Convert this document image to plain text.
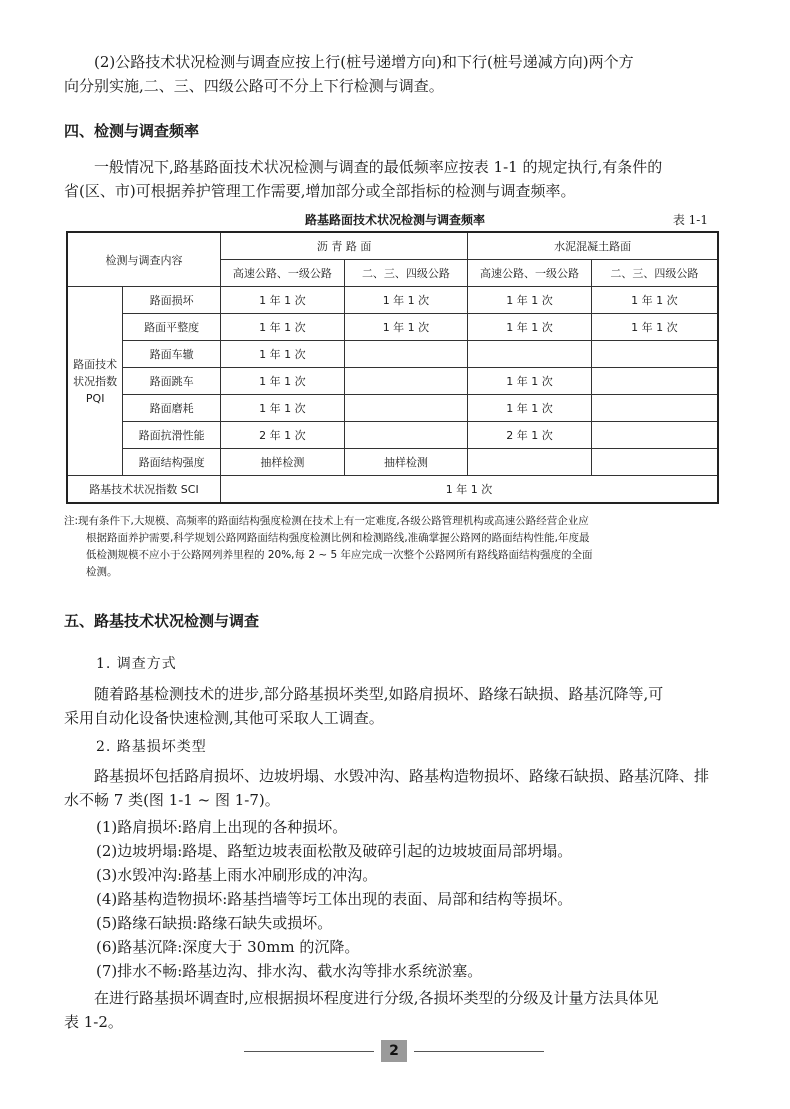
(2)公路技术状况检测与调查应按上行(桩号递增方向)和下行(桩号递减方向)两个方
向分别实施,二、三、四级公路可不分上下行检测与调查。
四、检测与调查频率
一般情况下,路基路面技术状况检测与调查的最低频率应按表 1-1 的规定执行,有条件的
省(区、市)可根据养护管理工作需要,增加部分或全部指标的检测与调查频率。
路基路面技术状况检测与调查频率	表 1-1
检测与调查内容		沥 青 路 面		水泥混凝土路面	
		高速公路、一级公路	二、三、四级公路	高速公路、一级公路	二、三、四级公路
路面技术
状况指数
PQI	路面损坏	1 年 1 次	1 年 1 次	1 年 1 次	1 年 1 次
	路面平整度	1 年 1 次	1 年 1 次	1 年 1 次	1 年 1 次
	路面车辙	1 年 1 次			
	路面跳车	1 年 1 次		1 年 1 次	
	路面磨耗	1 年 1 次		1 年 1 次	
	路面抗滑性能	2 年 1 次		2 年 1 次	
	路面结构强度	抽样检测	抽样检测		
路基技术状况指数 SCI		1 年 1 次			
注:现有条件下,大规模、高频率的路面结构强度检测在技术上有一定难度,各级公路管理机构或高速公路经营企业应
根据路面养护需要,科学规划公路网路面结构强度检测比例和检测路线,准确掌握公路网的路面结构性能,年度最
低检测规模不应小于公路网列养里程的 20%,每 2 ~ 5 年应完成一次整个公路网所有路线路面结构强度的全面
检测。
五、路基技术状况检测与调查
1. 调查方式
随着路基检测技术的进步,部分路基损坏类型,如路肩损坏、路缘石缺损、路基沉降等,可
采用自动化设备快速检测,其他可采取人工调查。
2. 路基损坏类型
路基损坏包括路肩损坏、边坡坍塌、水毁冲沟、路基构造物损坏、路缘石缺损、路基沉降、排
水不畅 7 类(图 1-1 ~ 图 1-7)。
(1)路肩损坏:路肩上出现的各种损坏。
(2)边坡坍塌:路堤、路堑边坡表面松散及破碎引起的边坡坡面局部坍塌。
(3)水毁冲沟:路基上雨水冲刷形成的冲沟。
(4)路基构造物损坏:路基挡墙等圬工体出现的表面、局部和结构等损坏。
(5)路缘石缺损:路缘石缺失或损坏。
(6)路基沉降:深度大于 30mm 的沉降。
(7)排水不畅:路基边沟、排水沟、截水沟等排水系统淤塞。
在进行路基损坏调查时,应根据损坏程度进行分级,各损坏类型的分级及计量方法具体见
表 1-2。
2
